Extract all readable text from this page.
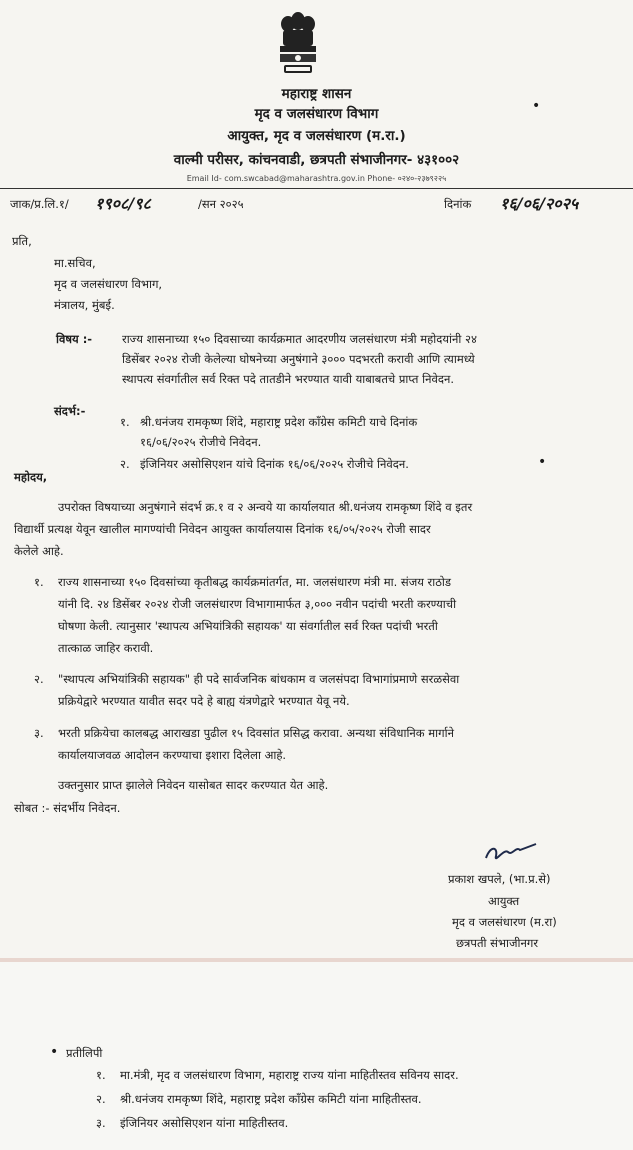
महाराष्ट्र शासन
मृद व जलसंधारण विभाग
आयुक्त, मृद व जलसंधारण (म.रा.)
वाल्मी परीसर, कांचनवाडी, छत्रपती संभाजीनगर- ४३१००२
Email Id- com.swcabad@maharashtra.gov.in Phone- ०२४०-२३७९२२५
•
जाक/प्र.लि.१/ १९०८/९८	/सन २०२५	दिनांक १६/०६/२०२५
प्रति,
मा.सचिव,
मृद व जलसंधारण विभाग,
मंत्रालय, मुंबई.
विषय :-	राज्य शासनाच्या १५० दिवसाच्या कार्यक्रमात आदरणीय जलसंधारण मंत्री महोदयांनी २४
डिसेंबर २०२४ रोजी केलेल्या घोषनेच्या अनुषंगाने ३००० पदभरती करावी आणि त्यामध्ये
स्थापत्य संवर्गातील सर्व रिक्त पदे तातडीने भरण्यात यावी याबाबतचे प्राप्त निवेदन.
संदर्भ:-
१. श्री.धनंजय रामकृष्ण शिंदे, महाराष्ट्र प्रदेश कॉंग्रेस कमिटी याचे दिनांक
१६/०६/२०२५ रोजीचे निवेदन.
२. इंजिनियर असोसिएशन यांचे दिनांक १६/०६/२०२५ रोजीचे निवेदन.	•
महोदय,
उपरोक्त विषयाच्या अनुषंगाने संदर्भ क्र.१ व २ अन्वये या कार्यालयात श्री.धनंजय रामकृष्ण शिंदे व इतर
विद्यार्थी प्रत्यक्ष येवून खालील मागण्यांची निवेदन आयुक्त कार्यालयास दिनांक १६/०५/२०२५ रोजी सादर
केलेले आहे.
१. राज्य शासनाच्या १५० दिवसांच्या कृतीबद्ध कार्यक्रमांतर्गत, मा. जलसंधारण मंत्री मा. संजय राठोड
यांनी दि. २४ डिसेंबर २०२४ रोजी जलसंधारण विभागामार्फत ३,००० नवीन पदांची भरती करण्याची
घोषणा केली. त्यानुसार 'स्थापत्य अभियांत्रिकी सहायक' या संवर्गातील सर्व रिक्त पदांची भरती
तात्काळ जाहिर करावी.
२. "स्थापत्य अभियांत्रिकी सहायक" ही पदे सार्वजनिक बांधकाम व जलसंपदा विभागांप्रमाणे सरळसेवा
प्रक्रियेद्वारे भरण्यात यावीत सदर पदे हे बाह्य यंत्रणेद्वारे भरण्यात येवू नये.
३. भरती प्रक्रियेचा कालबद्ध आराखडा पुढील १५ दिवसांत प्रसिद्ध करावा. अन्यथा संविधानिक मार्गाने
कार्यालयाजवळ आदोलन करण्याचा इशारा दिलेला आहे.
उक्तनुसार प्राप्त झालेले निवेदन यासोबत सादर करण्यात येत आहे.
सोबत :- संदर्भीय निवेदन.
प्रकाश खपले, (भा.प्र.से)
आयुक्त
मृद व जलसंधारण (म.रा)
छत्रपती संभाजीनगर
• प्रतीलिपी
१. मा.मंत्री, मृद व जलसंधारण विभाग, महाराष्ट्र राज्य यांना माहितीस्तव सविनय सादर.
२. श्री.धनंजय रामकृष्ण शिंदे, महाराष्ट्र प्रदेश कॉंग्रेस कमिटी यांना माहितीस्तव.
३. इंजिनियर असोसिएशन यांना माहितीस्तव.
